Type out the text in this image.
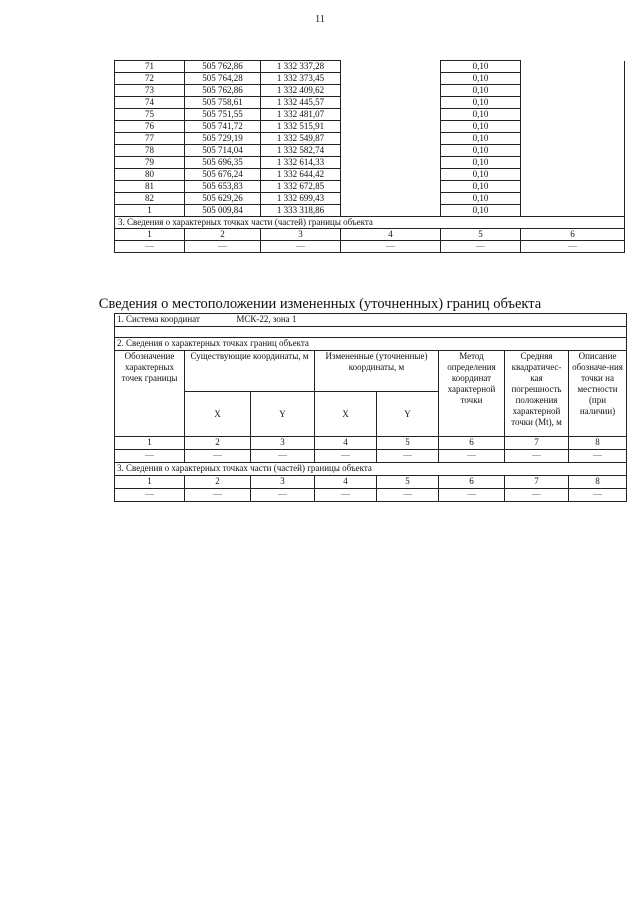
11
71	505 762,86	1 332 337,28		0,10	
72	505 764,28	1 332 373,45		0,10	
73	505 762,86	1 332 409,62		0,10	
74	505 758,61	1 332 445,57		0,10	
75	505 751,55	1 332 481,07		0,10	
76	505 741,72	1 332 515,91		0,10	
77	505 729,19	1 332 549,87		0,10	
78	505 714,04	1 332 582,74		0,10	
79	505 696,35	1 332 614,33		0,10	
80	505 676,24	1 332 644,42		0,10	
81	505 653,83	1 332 672,85		0,10	
82	505 629,26	1 332 699,43		0,10	
1	505 009,84	1 333 318,86		0,10	
3. Сведения о характерных точках части (частей) границы объекта					
1	2	3	4	5	6
—	—	—	—	—	—
Сведения о местоположении измененных (уточненных) границ объекта
1. Система координат МСК-22, зона 1							

2. Сведения о характерных точках границ объекта							
Обозначение характерных точек границы	Существующие координаты, м		Измененные (уточненные) координаты, м		Метод определения координат характерной точки	Средняя квадратичес-кая погрешность положения характерной точки (Mt), м	Описание обозначе-ния точки на местности (при наличии)
	X	Y	X	Y			
1	2	3	4	5	6	7	8
—	—	—	—	—	—	—	—
3. Сведения о характерных точках части (частей) границы объекта							
1	2	3	4	5	6	7	8
—	—	—	—	—	—	—	—
